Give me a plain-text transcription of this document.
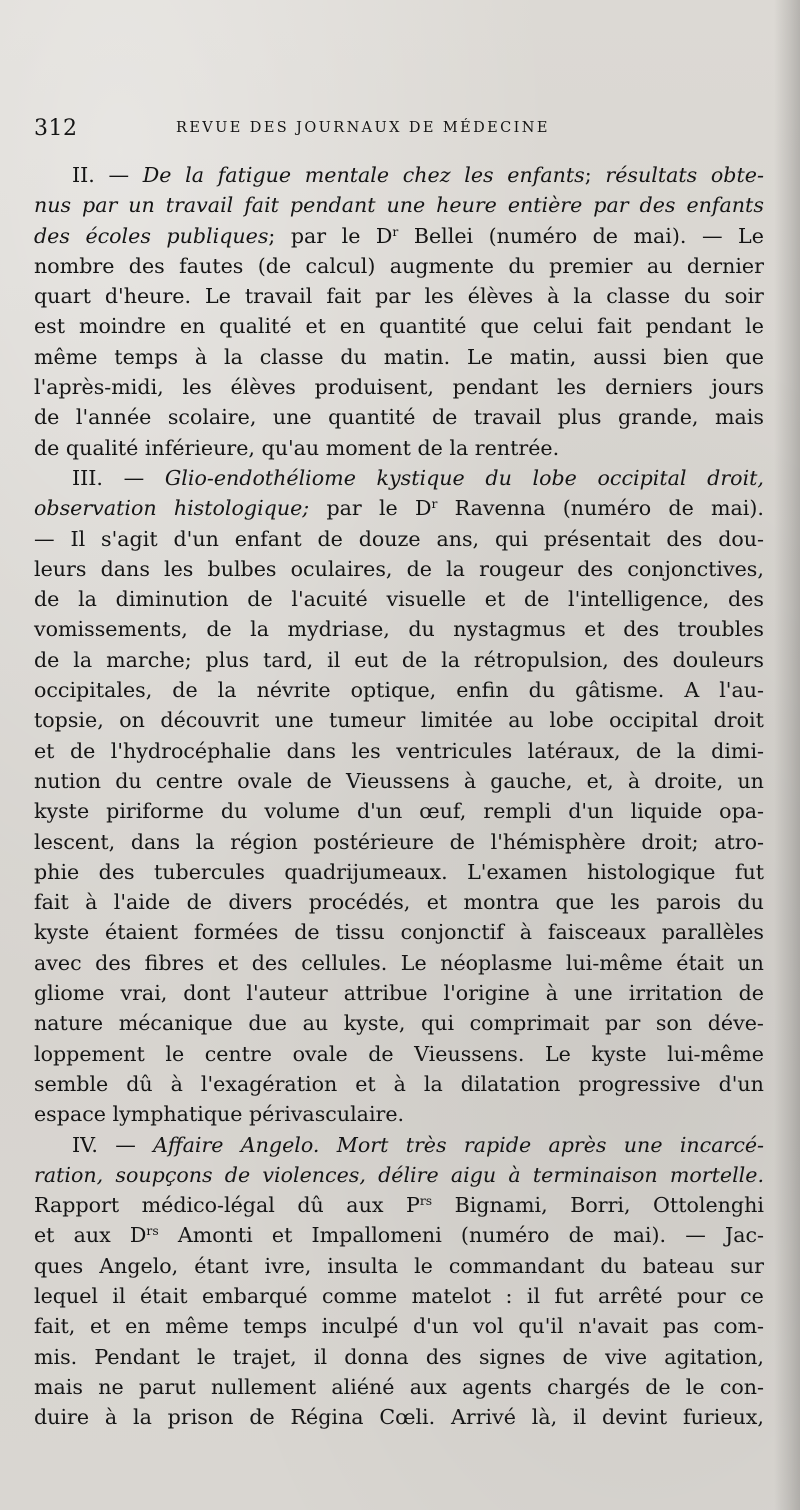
312	REVUE DES JOURNAUX DE MÉDECINE
II. — De la fatigue mentale chez les enfants; résultats obte-
nus par un travail fait pendant une heure entière par des enfants
des écoles publiques; par le $D^r$ Bellei (numéro de mai). — Le
nombre des fautes (de calcul) augmente du premier au dernier
quart d'heure. Le travail fait par les élèves à la classe du soir
est moindre en qualité et en quantité que celui fait pendant le
même temps à la classe du matin. Le matin, aussi bien que
l'après-midi, les élèves produisent, pendant les derniers jours
de l'année scolaire, une quantité de travail plus grande, mais
de
qualité
inférieure,
qu'au
moment
de
la
rentrée.
III. — Glio-endothéliome kystique du lobe occipital droit,
observation histologique; par le $D^r$ Ravenna (numéro de mai).
— Il s'agit d'un enfant de douze ans, qui présentait des dou-
leurs dans les bulbes oculaires, de la rougeur des conjonctives,
de la diminution de l'acuité visuelle et de l'intelligence, des
vomissements, de la mydriase, du nystagmus et des troubles
de la marche; plus tard, il eut de la rétropulsion, des douleurs
occipitales, de la névrite optique, enfin du gâtisme. A l'au-
topsie, on découvrit une tumeur limitée au lobe occipital droit
et de l'hydrocéphalie dans les ventricules latéraux, de la dimi-
nution du centre ovale de Vieussens à gauche, et, à droite, un
kyste piriforme du volume d'un œuf, rempli d'un liquide opa-
lescent, dans la région postérieure de l'hémisphère droit; atro-
phie des tubercules quadrijumeaux. L'examen histologique fut
fait à l'aide de divers procédés, et montra que les parois du
kyste étaient formées de tissu conjonctif à faisceaux parallèles
avec des fibres et des cellules. Le néoplasme lui-même était un
gliome vrai, dont l'auteur attribue l'origine à une irritation de
nature mécanique due au kyste, qui comprimait par son déve-
loppement le centre ovale de Vieussens. Le kyste lui-même
semble dû à l'exagération et à la dilatation progressive d'un
espace
lymphatique
périvasculaire.
IV. — Affaire Angelo. Mort très rapide après une incarcé-
ration, soupçons de violences, délire aigu à terminaison mortelle.
Rapport médico-légal dû aux $P^{rs}$ Bignami, Borri, Ottolenghi
et aux $D^{rs}$ Amonti et Impallomeni (numéro de mai). — Jac-
ques Angelo, étant ivre, insulta le commandant du bateau sur
lequel il était embarqué comme matelot : il fut arrêté pour ce
fait, et en même temps inculpé d'un vol qu'il n'avait pas com-
mis. Pendant le trajet, il donna des signes de vive agitation,
mais ne parut nullement aliéné aux agents chargés de le con-
duire à la prison de Régina Cœli. Arrivé là, il devint furieux,
